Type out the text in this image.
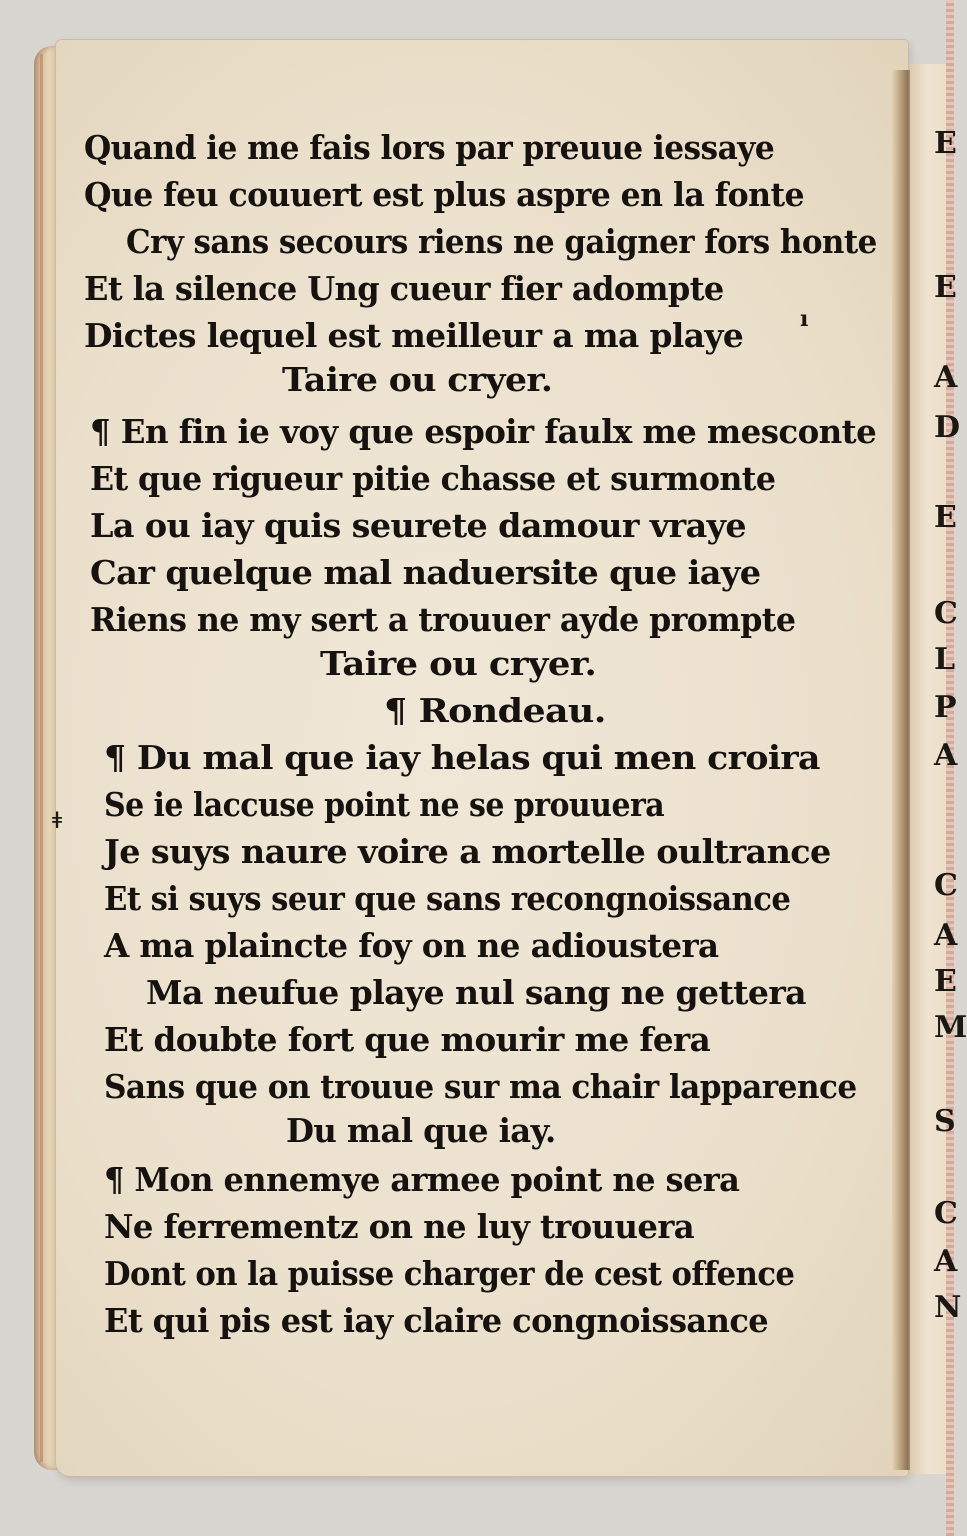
Quand ie me fais lors par preuue iessaye
Que feu couuert est plus aspre en la fonte
Cry sans secours riens ne gaigner fors honte
Et la silence Ung cueur fier adompte
Dictes lequel est meilleur a ma playe
Taire ou cryer.
¶ En fin ie voy que espoir faulx me mesconte
Et que rigueur pitie chasse et surmonte
La ou iay quis seurete damour vraye
Car quelque mal naduersite que iaye
Riens ne my sert a trouuer ayde prompte
Taire ou cryer.
¶ Rondeau.
¶ Du mal que iay helas qui men croira
Se ie laccuse point ne se prouuera
Je suys naure voire a mortelle oultrance
Et si suys seur que sans recongnoissance
A ma plaincte foy on ne adioustera
Ma neufue playe nul sang ne gettera
Et doubte fort que mourir me fera
Sans que on trouue sur ma chair lapparence
Du mal que iay.
¶ Mon ennemye armee point ne sera
Ne ferrementz on ne luy trouuera
Dont on la puisse charger de cest offence
Et qui pis est iay claire congnoissance
ı
ǂ
E
E
A
D
E
C
L
P
A
C
A
E
M
S
C
A
N
